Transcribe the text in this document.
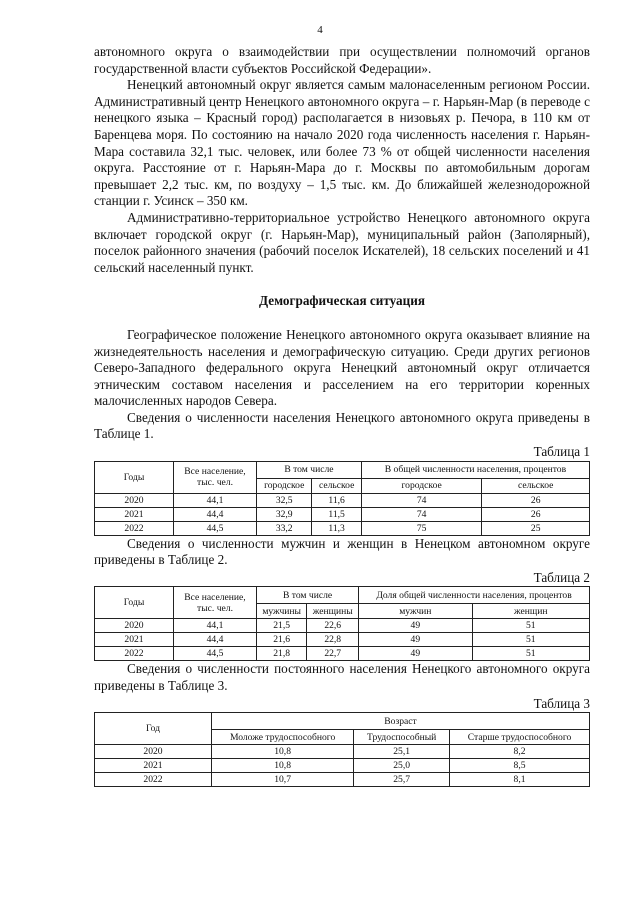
4

автономного округа о взаимодействии при осуществлении полномочий органов государственной власти субъектов Российской Федерации».

Ненецкий автономный округ является самым малонаселенным регионом России. Административный центр Ненецкого автономного округа – г. Нарьян-Мар (в переводе с ненецкого языка – Красный город) располагается в низовьях р. Печора, в 110 км от Баренцева моря. По состоянию на начало 2020 года численность населения г. Нарьян-Мара составила 32,1 тыс. человек, или более 73 % от общей численности населения округа. Расстояние от г. Нарьян-Мара до г. Москвы по автомобильным дорогам превышает 2,2 тыс. км, по воздуху – 1,5 тыс. км. До ближайшей железнодорожной станции г. Усинск – 350 км.

Административно-территориальное устройство Ненецкого автономного округа включает городской округ (г. Нарьян-Мар), муниципальный район (Заполярный), поселок районного значения (рабочий поселок Искателей), 18 сельских поселений и 41 сельский населенный пункт.

Демографическая ситуация

Географическое положение Ненецкого автономного округа оказывает влияние на жизнедеятельность населения и демографическую ситуацию. Среди других регионов Северо-Западного федерального округа Ненецкий автономный округ отличается этническим составом населения и расселением на его территории коренных малочисленных народов Севера.

Сведения о численности населения Ненецкого автономного округа приведены в Таблице 1.

Таблица 1

Годы	Все население, тыс. чел.	В том числе		В общей численности населения, процентов	
		городское	сельское	городское	сельское
2020	44,1	32,5	11,6	74	26
2021	44,4	32,9	11,5	74	26
2022	44,5	33,2	11,3	75	25

Сведения о численности мужчин и женщин в Ненецком автономном округе приведены в Таблице 2.

Таблица 2

Годы	Все население, тыс. чел.	В том числе		Доля общей численности населения, процентов	
		мужчины	женщины	мужчин	женщин
2020	44,1	21,5	22,6	49	51
2021	44,4	21,6	22,8	49	51
2022	44,5	21,8	22,7	49	51

Сведения о численности постоянного населения Ненецкого автономного округа приведены в Таблице 3.

Таблица 3

Год	Возраст		
	Моложе трудоспособного	Трудоспособный	Старше трудоспособного
2020	10,8	25,1	8,2
2021	10,8	25,0	8,5
2022	10,7	25,7	8,1
